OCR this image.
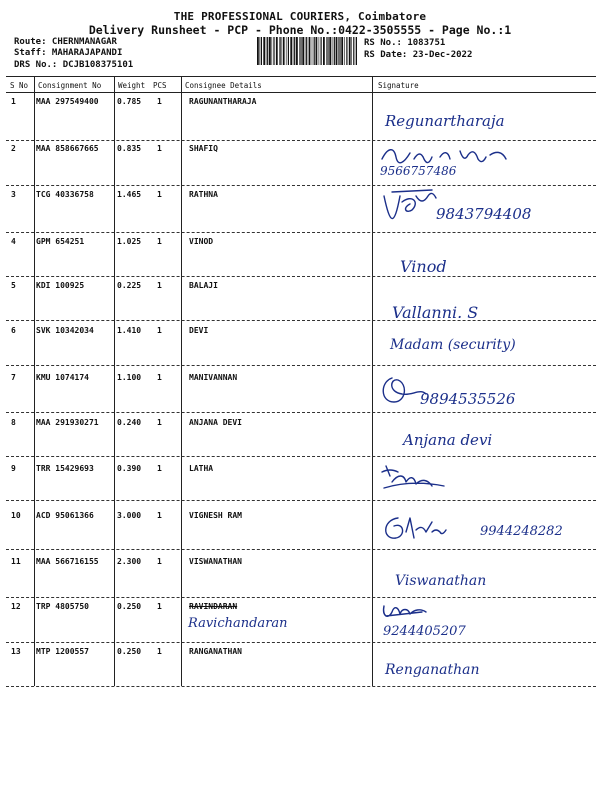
THE PROFESSIONAL COURIERS, Coimbatore
Delivery Runsheet - PCP - Phone No.:0422-3505555 - Page No.:1
Route: CHERNMANAGAR
Staff: MAHARAJAPANDI
DRS No.: DCJB108375101
RS No.: 1083751
RS Date: 23-Dec-2022
S No Consignment No Weight PCS Consignee Details	Signature
1	MAA 297549400 0.785 1	RAGUNANTHARAJA
Regunartharaja
2	MAA 858667665 0.835 1	SHAFIQ
9566757486
3	TCG 40336758	1.465 1	RATHNA
9843794408
4	GPM 654251	1.025 1	VINOD
Vinod
5	KDI 100925	0.225 1	BALAJI
Vallanni. S
6	SVK 10342034	1.410 1	DEVI
Madam (security)
7	KMU 1074174	1.100 1	MANIVANNAN
9894535526
8	MAA 291930271 0.240 1	ANJANA DEVI
Anjana devi
9	TRR 15429693	0.390 1	LATHA
10 ACD 95061366	3.000 1	VIGNESH RAM
9944248282
11 MAA 566716155 2.300 1	VISWANATHAN
Viswanathan
12 TRP 4805750	0.250 1	RAVINDARAN
Ravichandaran
9244405207
13 MTP 1200557	0.250 1	RANGANATHAN
Renganathan
